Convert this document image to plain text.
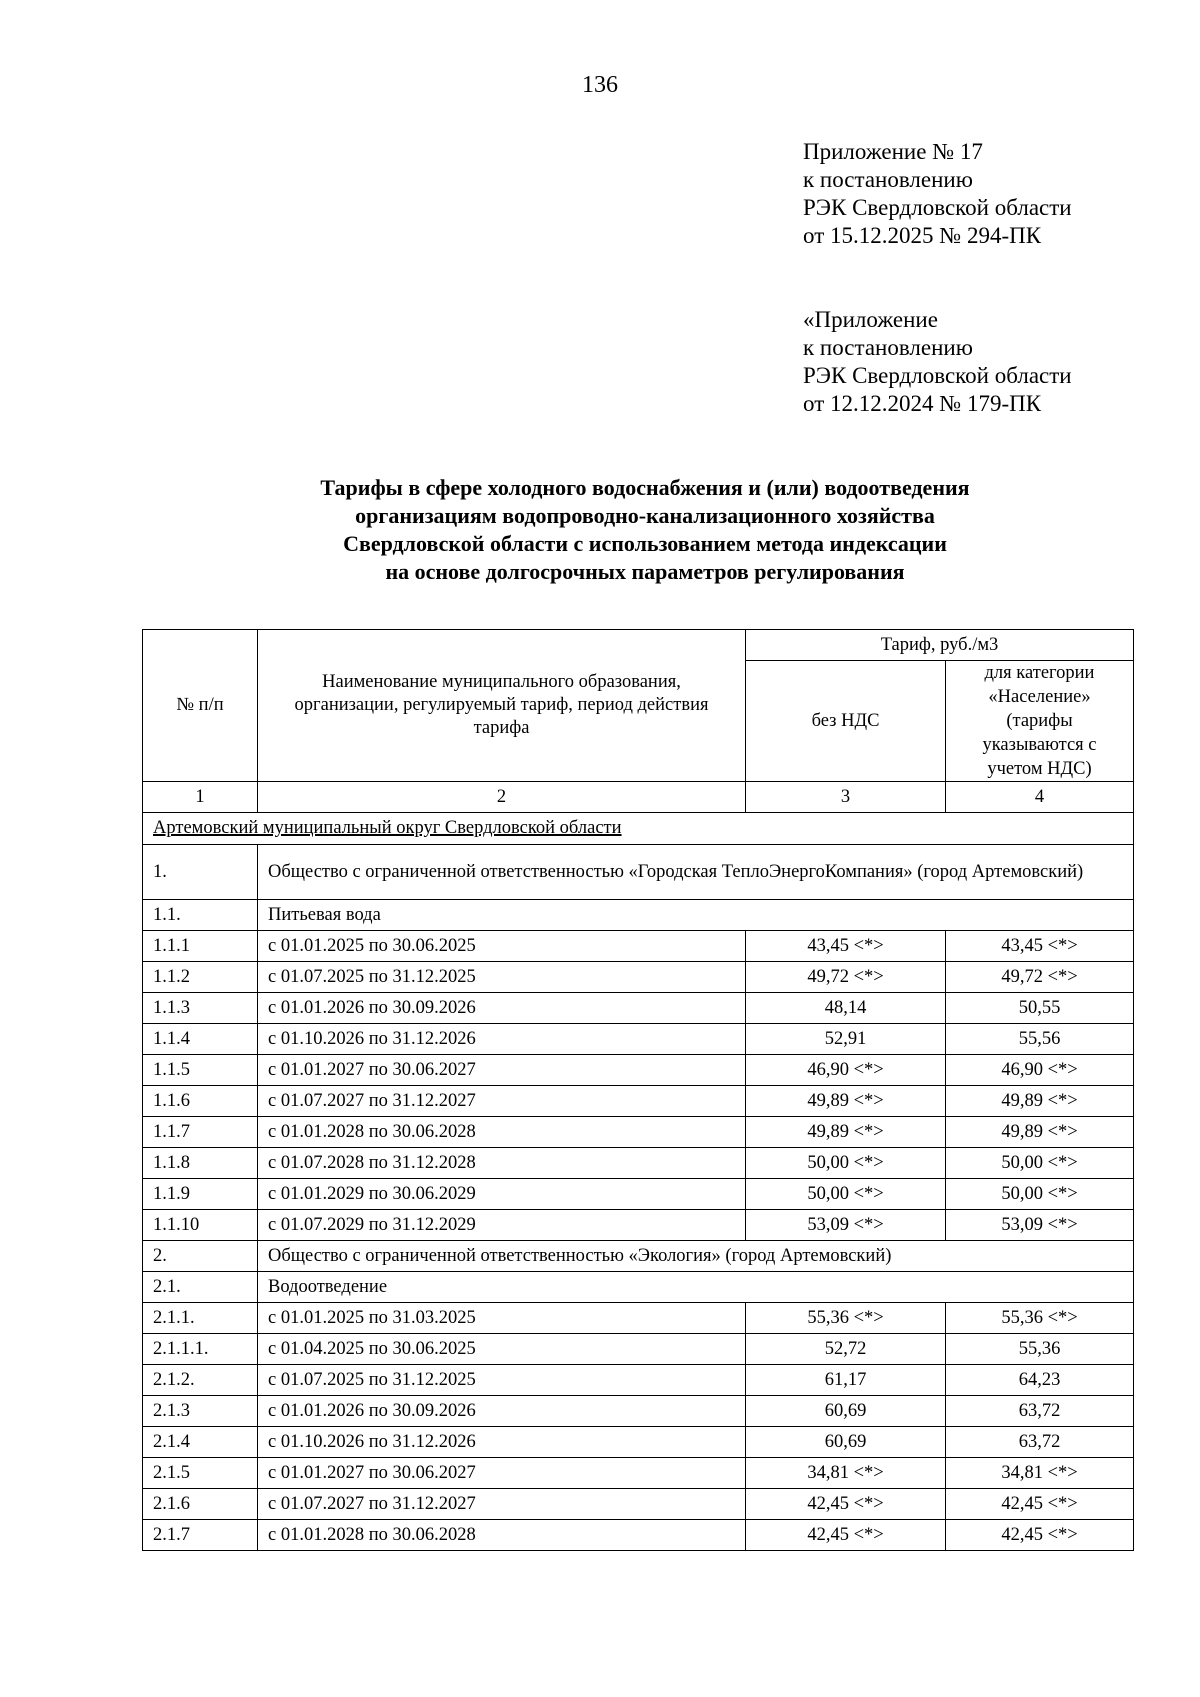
136
Приложение № 17
к постановлению
РЭК Свердловской области
от 15.12.2025 № 294-ПК
«Приложение
к постановлению
РЭК Свердловской области
от 12.12.2024 № 179-ПК
Тарифы в сфере холодного водоснабжения и (или) водоотведения
организациям водопроводно-канализационного хозяйства
Свердловской области с использованием метода индексации
на основе долгосрочных параметров регулирования
№ п/п	Наименование муниципального образования, организации, регулируемый тариф, период действия тарифа	Тариф, руб./м3	
		без НДС	для категории «Население» (тарифы указываются с учетом НДС)
1	2	3	4
Артемовский муниципальный округ Свердловской области			
1.	Общество с ограниченной ответственностью «Городская ТеплоЭнергоКомпания» (город Артемовский)		
1.1.	Питьевая вода		
1.1.1	с 01.01.2025 по 30.06.2025	43,45 <*>	43,45 <*>
1.1.2	с 01.07.2025 по 31.12.2025	49,72 <*>	49,72 <*>
1.1.3	с 01.01.2026 по 30.09.2026	48,14	50,55
1.1.4	с 01.10.2026 по 31.12.2026	52,91	55,56
1.1.5	с 01.01.2027 по 30.06.2027	46,90 <*>	46,90 <*>
1.1.6	с 01.07.2027 по 31.12.2027	49,89 <*>	49,89 <*>
1.1.7	с 01.01.2028 по 30.06.2028	49,89 <*>	49,89 <*>
1.1.8	с 01.07.2028 по 31.12.2028	50,00 <*>	50,00 <*>
1.1.9	с 01.01.2029 по 30.06.2029	50,00 <*>	50,00 <*>
1.1.10	с 01.07.2029 по 31.12.2029	53,09 <*>	53,09 <*>
2.	Общество с ограниченной ответственностью «Экология» (город Артемовский)		
2.1.	Водоотведение		
2.1.1.	с 01.01.2025 по 31.03.2025	55,36 <*>	55,36 <*>
2.1.1.1.	с 01.04.2025 по 30.06.2025	52,72	55,36
2.1.2.	с 01.07.2025 по 31.12.2025	61,17	64,23
2.1.3	с 01.01.2026 по 30.09.2026	60,69	63,72
2.1.4	с 01.10.2026 по 31.12.2026	60,69	63,72
2.1.5	с 01.01.2027 по 30.06.2027	34,81 <*>	34,81 <*>
2.1.6	с 01.07.2027 по 31.12.2027	42,45 <*>	42,45 <*>
2.1.7	с 01.01.2028 по 30.06.2028	42,45 <*>	42,45 <*>
